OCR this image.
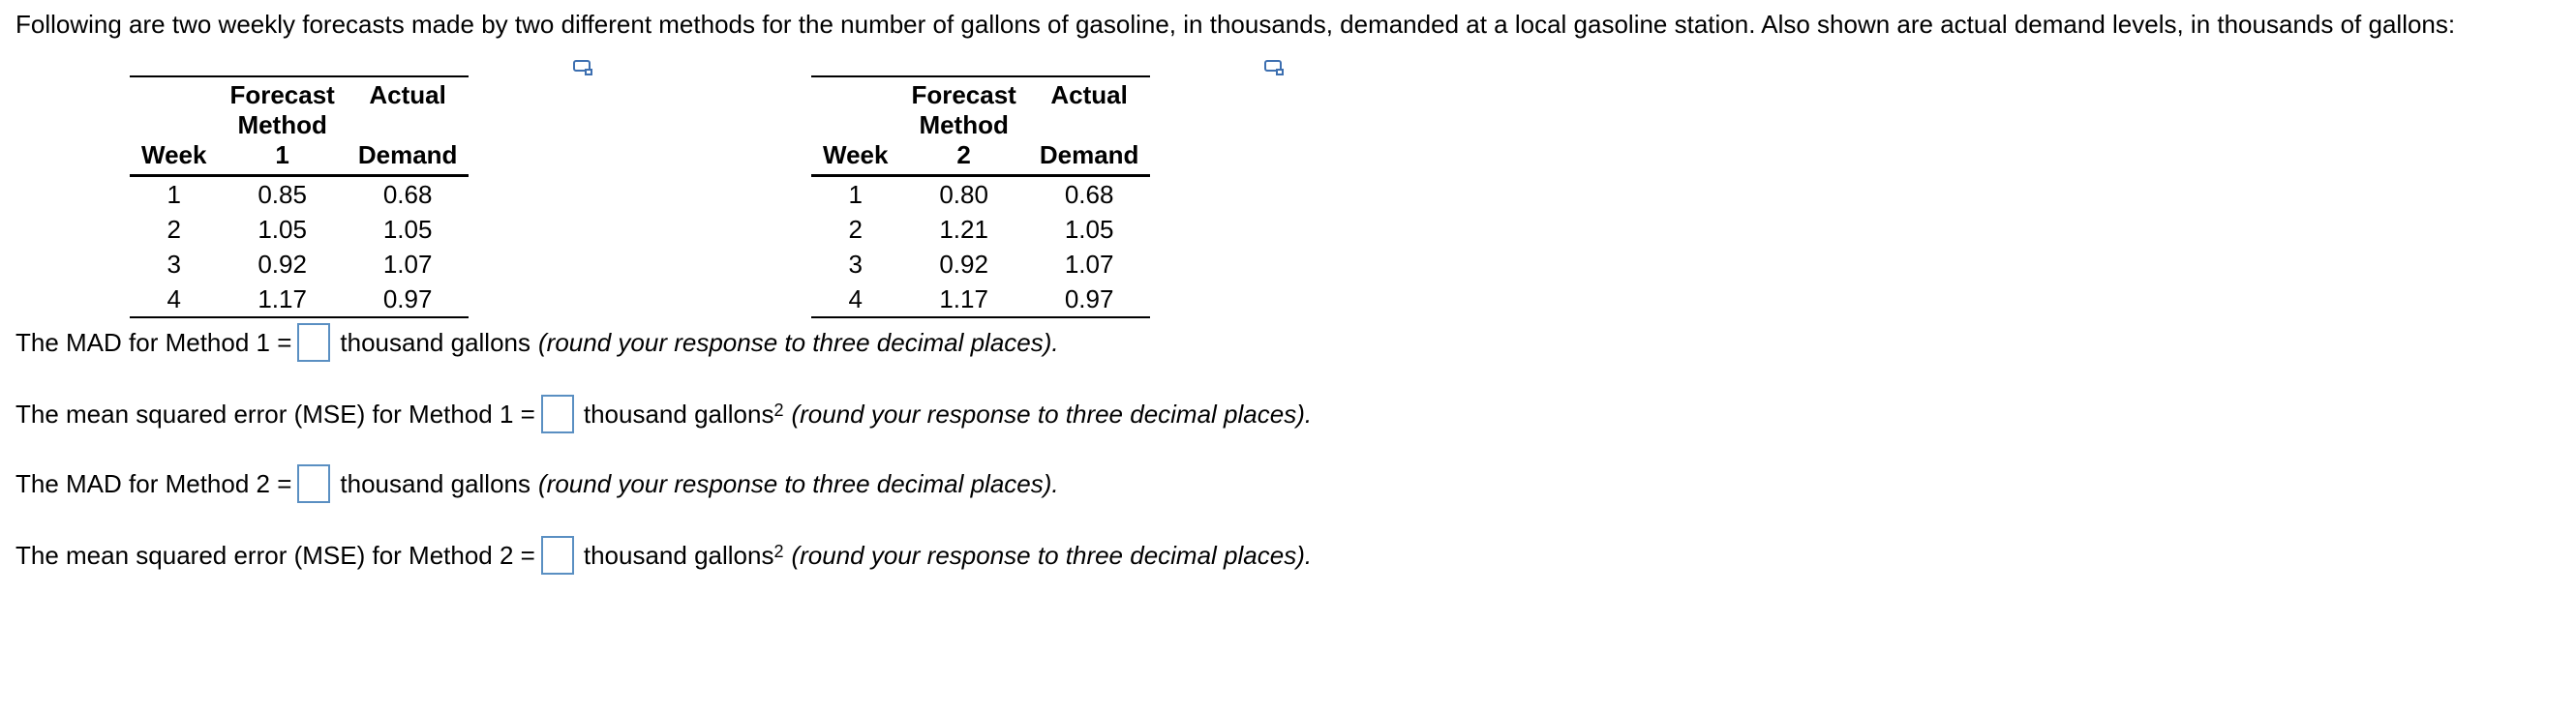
Following are two weekly forecasts made by two different methods for the number of gallons of gasoline, in thousands, demanded at a local gasoline station. Also shown are actual demand levels, in thousands of gallons:
	Forecast	Actual
Week	Method 1	Demand
1	0.85	0.68
2	1.05	1.05
3	0.92	1.07
4	1.17	0.97
	Forecast	Actual
Week	Method 2	Demand
1	0.80	0.68
2	1.21	1.05
3	0.92	1.07
4	1.17	0.97
The MAD for Method 1 = thousand gallons (round your response to three decimal places).
The mean squared error (MSE) for Method 1 = thousand gallons$^2$ (round your response to three decimal places).
The MAD for Method 2 = thousand gallons (round your response to three decimal places).
The mean squared error (MSE) for Method 2 = thousand gallons$^2$ (round your response to three decimal places).
